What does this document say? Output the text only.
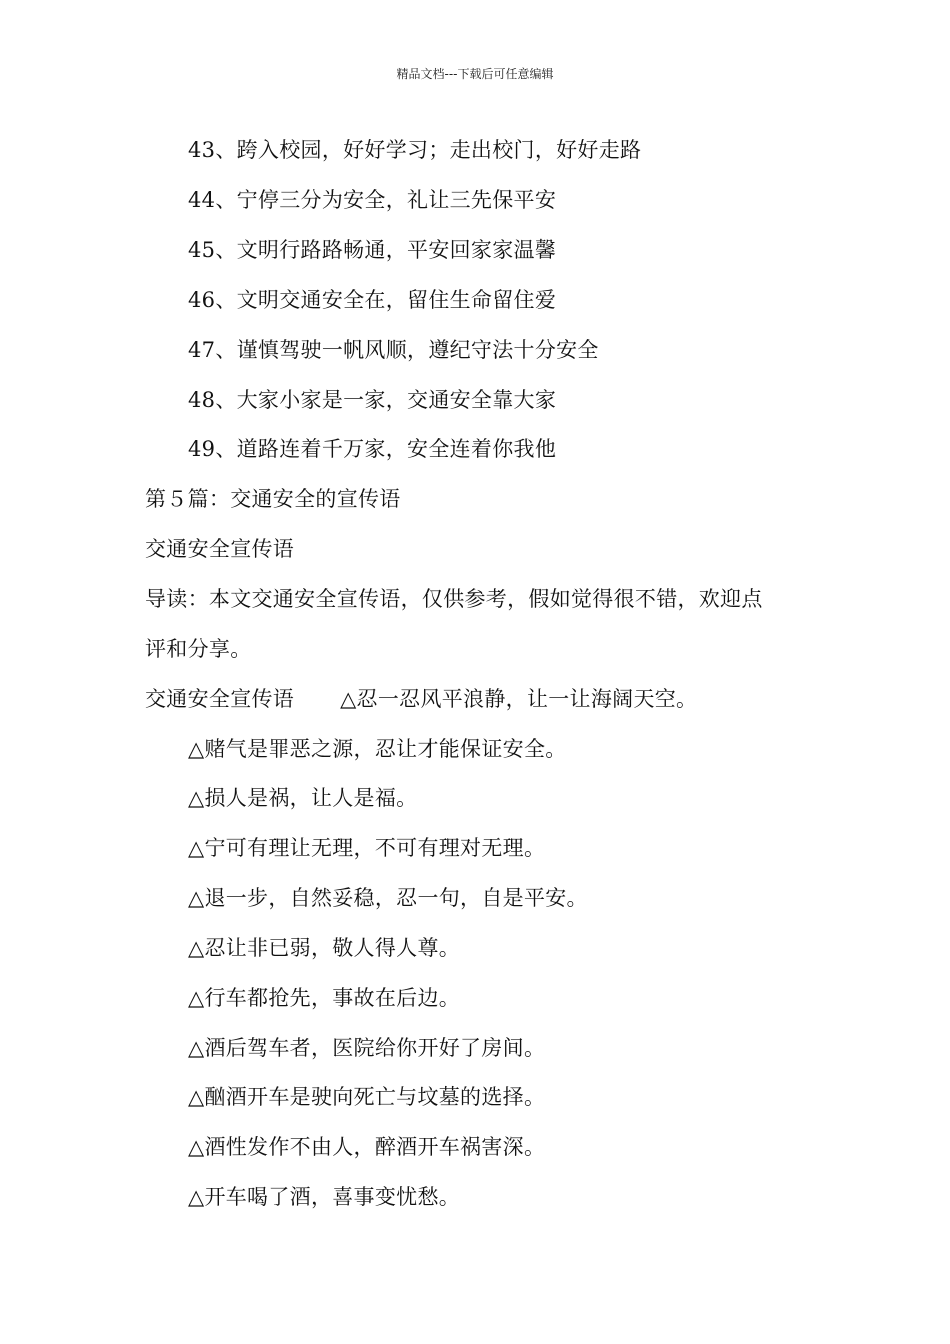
精品文档---下载后可任意编辑
43、跨入校园，好好学习；走出校门，好好走路
44、宁停三分为安全，礼让三先保平安
45、文明行路路畅通，平安回家家温馨
46、文明交通安全在，留住生命留住爱
47、谨慎驾驶一帆风顺，遵纪守法十分安全
48、大家小家是一家，交通安全靠大家
49、道路连着千万家，安全连着你我他
第５篇：交通安全的宣传语
交通安全宣传语
导读：本文交通安全宣传语，仅供参考，假如觉得很不错，欢迎点
评和分享。
交通安全宣传语 △忍一忍风平浪静，让一让海阔天空。
△赌气是罪恶之源，忍让才能保证安全。
△损人是祸，让人是福。
△宁可有理让无理，不可有理对无理。
△退一步，自然妥稳，忍一句，自是平安。
△忍让非已弱，敬人得人尊。
△行车都抢先，事故在后边。
△酒后驾车者，医院给你开好了房间。
△酗酒开车是驶向死亡与坟墓的选择。
△酒性发作不由人，醉酒开车祸害深。
△开车喝了酒，喜事变忧愁。
